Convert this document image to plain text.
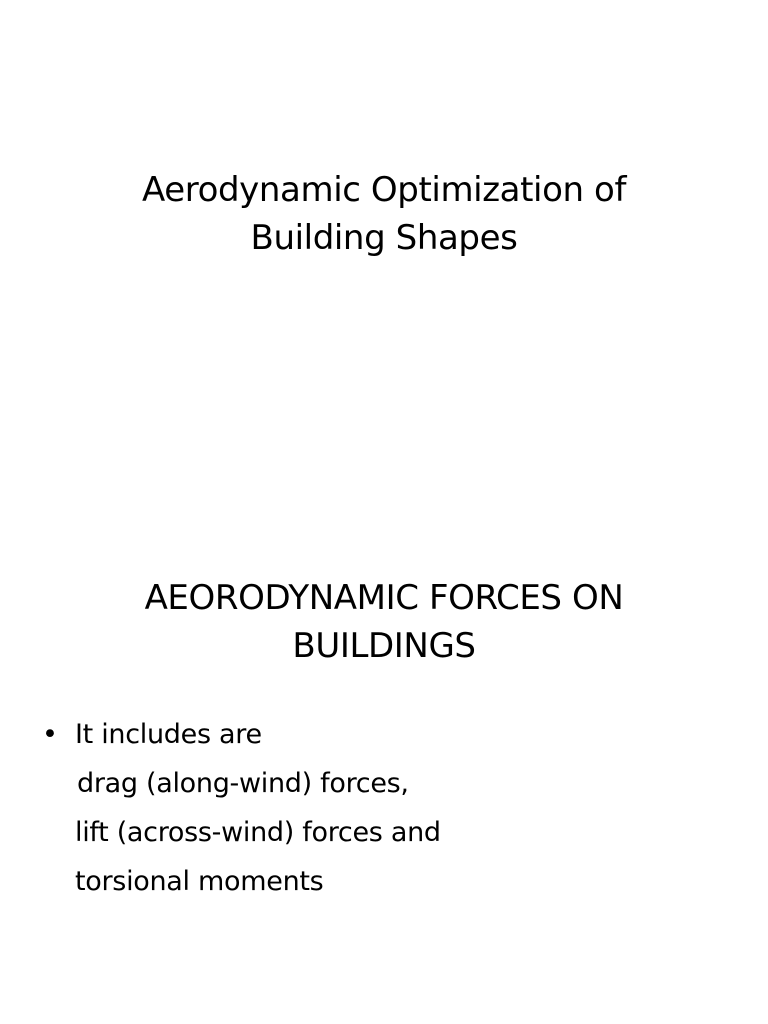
Aerodynamic Optimization of
Building Shapes
AEORODYNAMIC FORCES ON
BUILDINGS

• It includes are

drag (along-wind) forces,
lift (across-wind) forces and
torsional moments
